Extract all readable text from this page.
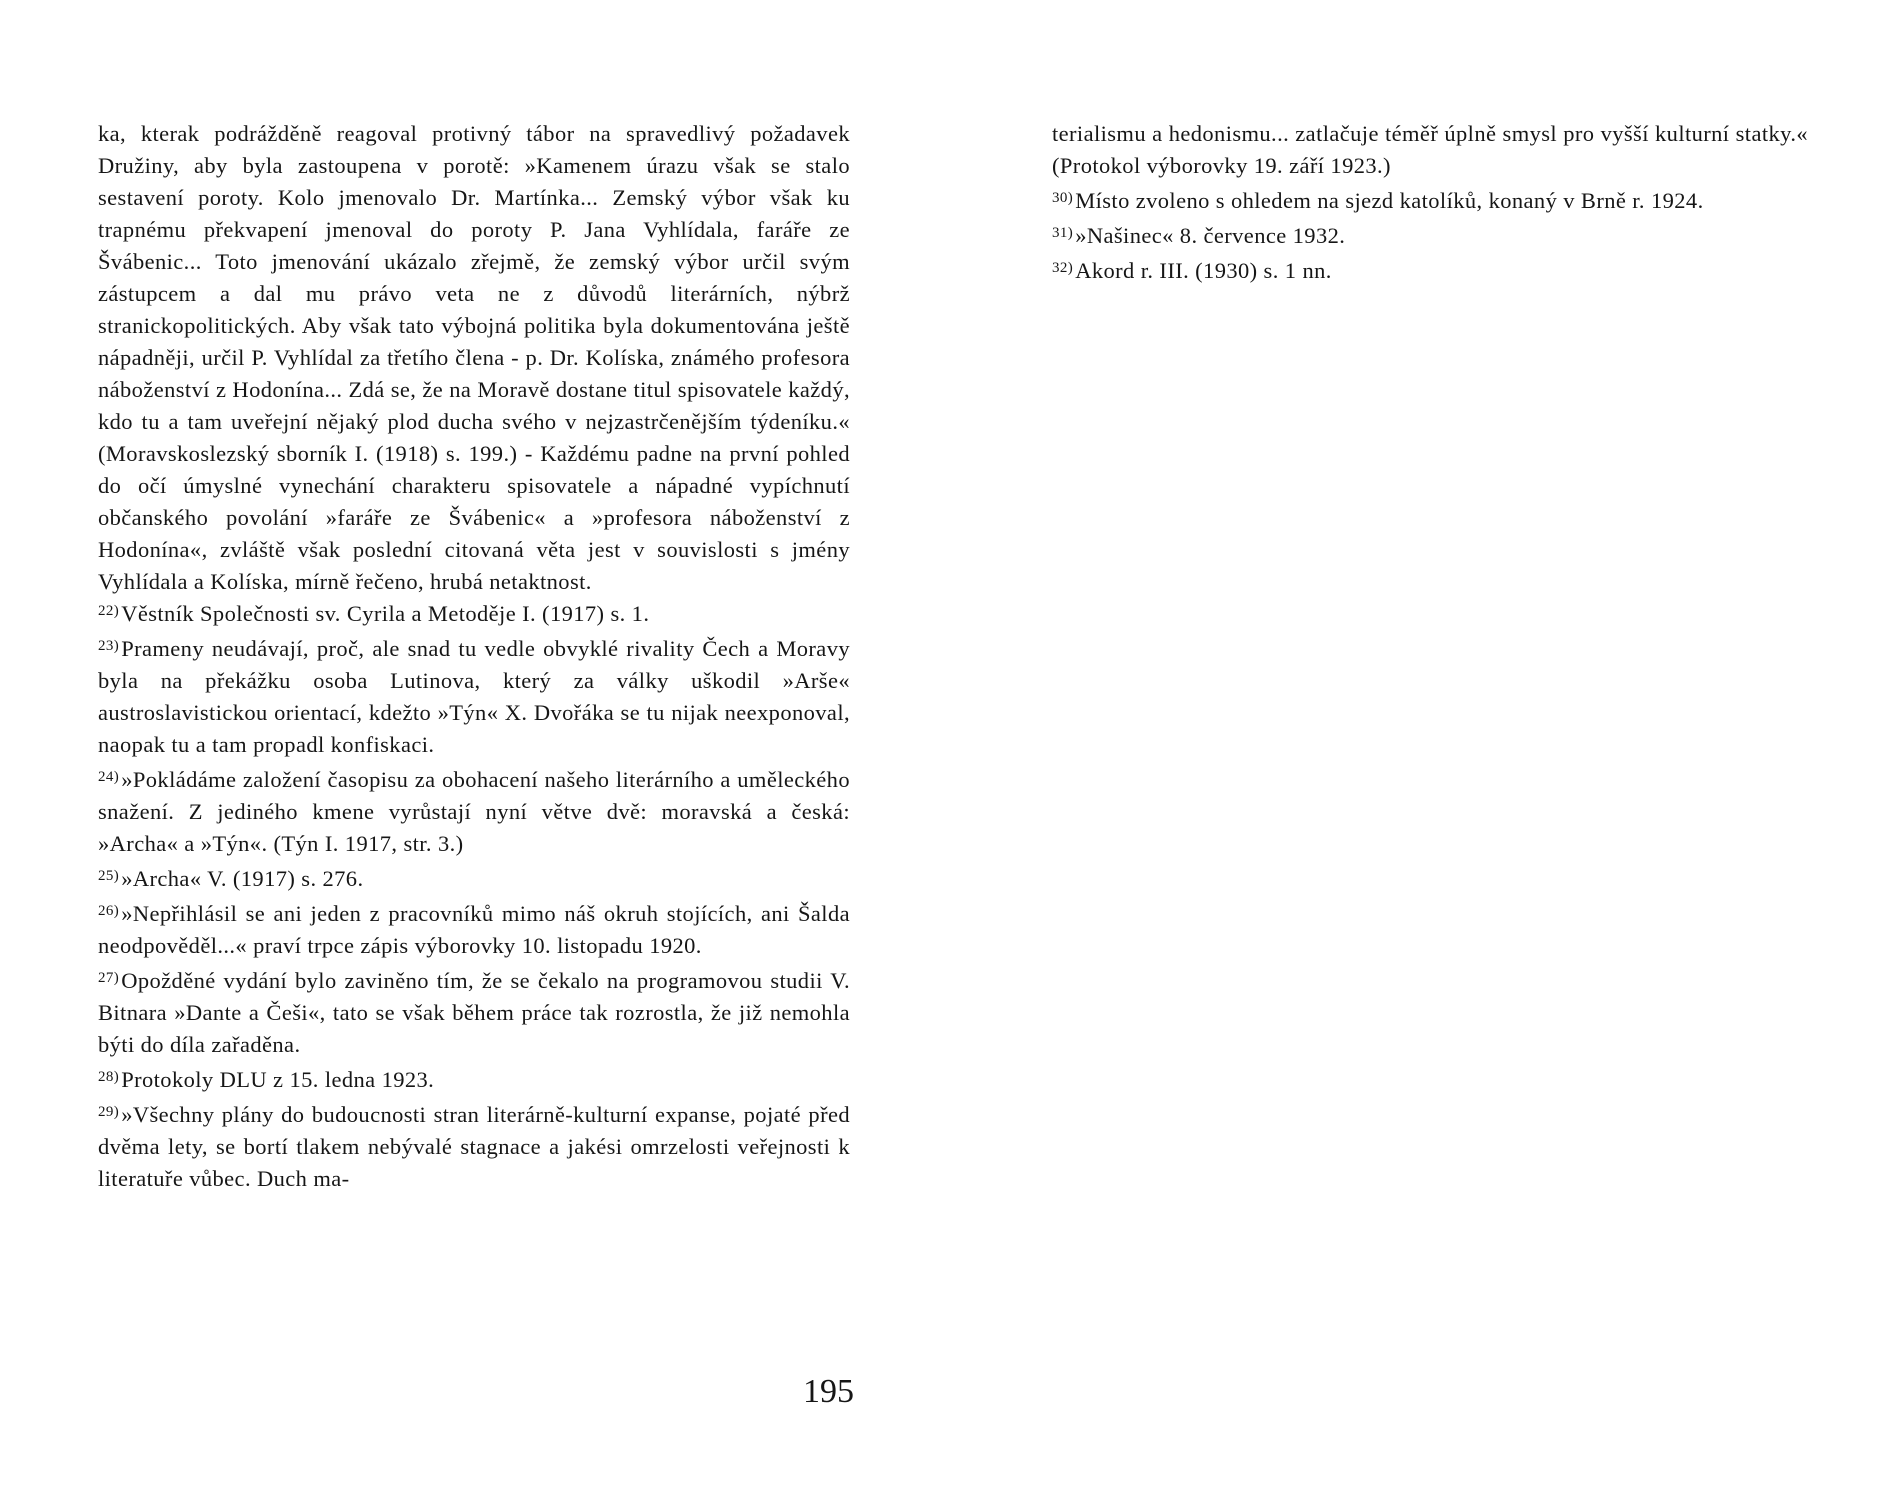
ka, kterak podrážděně reagoval protivný tábor na spravedlivý požadavek Družiny, aby byla zastoupena v porotě: »Kamenem úrazu však se stalo sestavení poroty. Kolo jmenovalo Dr. Martínka... Zemský výbor však ku trapnému překvapení jmenoval do poroty P. Jana Vyhlídala, faráře ze Švábenic... Toto jmenování ukázalo zřejmě, že zemský výbor určil svým zástupcem a dal mu právo veta ne z důvodů literárních, nýbrž stranickopolitických. Aby však tato výbojná politika byla dokumentována ještě nápadněji, určil P. Vyhlídal za třetího člena - p. Dr. Kolíska, známého profesora náboženství z Hodonína... Zdá se, že na Moravě dostane titul spisovatele každý, kdo tu a tam uveřejní nějaký plod ducha svého v nejzastrčenějším týdeníku.« (Moravskoslezský sborník I. (1918) s. 199.) - Každému padne na první pohled do očí úmyslné vynechání charakteru spisovatele a nápadné vypíchnutí občanského povolání »faráře ze Švábenic« a »profesora náboženství z Hodonína«, zvláště však poslední citovaná věta jest v souvislosti s jmény Vyhlídala a Kolíska, mírně řečeno, hrubá netaktnost.

$^{22)}$Věstník Společnosti sv. Cyrila a Metoděje I. (1917) s. 1.

$^{23)}$Prameny neudávají, proč, ale snad tu vedle obvyklé rivality Čech a Moravy byla na překážku osoba Lutinova, který za války uškodil »Arše« austroslavistickou orientací, kdežto »Týn« X. Dvořáka se tu nijak neexponoval, naopak tu a tam propadl konfiskaci.

$^{24)}$»Pokládáme založení časopisu za obohacení našeho literárního a uměleckého snažení. Z jediného kmene vyrůstají nyní větve dvě: moravská a česká: »Archa« a »Týn«. (Týn I. 1917, str. 3.)

$^{25)}$»Archa« V. (1917) s. 276.

$^{26)}$»Nepřihlásil se ani jeden z pracovníků mimo náš okruh stojících, ani Šalda neodpověděl...« praví trpce zápis výborovky 10. listopadu 1920.

$^{27)}$Opožděné vydání bylo zaviněno tím, že se čekalo na programovou studii V. Bitnara »Dante a Češi«, tato se však během práce tak rozrostla, že již nemohla býti do díla zařaděna.

$^{28)}$Protokoly DLU z 15. ledna 1923.

$^{29)}$»Všechny plány do budoucnosti stran literárně-kulturní expanse, pojaté před dvěma lety, se bortí tlakem nebývalé stagnace a jakési omrzelosti veřejnosti k literatuře vůbec. Duch ma-

195

terialismu a hedonismu... zatlačuje téměř úplně smysl pro vyšší kulturní statky.« (Protokol výborovky 19. září 1923.)

$^{30)}$Místo zvoleno s ohledem na sjezd katolíků, konaný v Brně r. 1924.

$^{31)}$»Našinec« 8. července 1932.

$^{32)}$Akord r. III. (1930) s. 1 nn.
